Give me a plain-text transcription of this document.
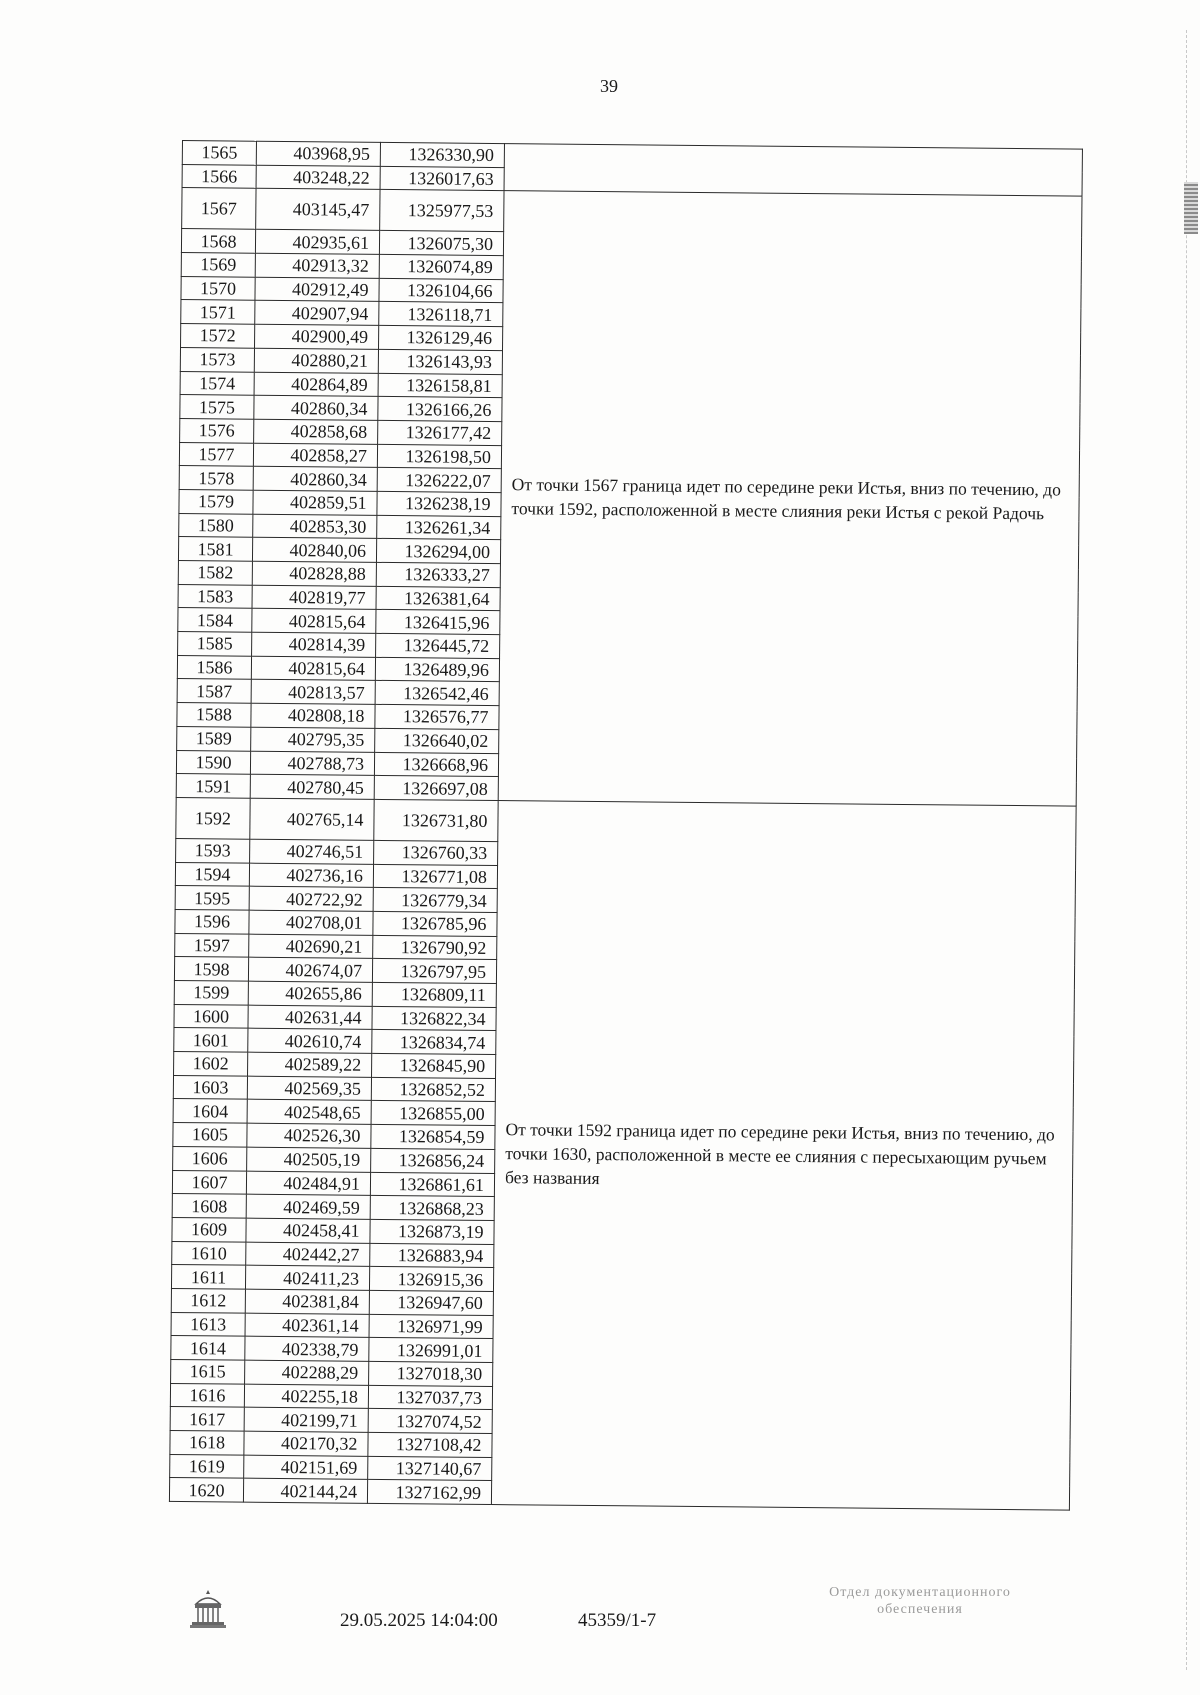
39
1565	403968,95	1326330,90	
1566	403248,22	1326017,63	
1567	403145,47	1325977,53	От точки 1567 граница идет по середине реки Истья, вниз по течению, до точки 1592, расположенной в месте слияния реки Истья с рекой Радочь
1568	402935,61	1326075,30	
1569	402913,32	1326074,89	
1570	402912,49	1326104,66	
1571	402907,94	1326118,71	
1572	402900,49	1326129,46	
1573	402880,21	1326143,93	
1574	402864,89	1326158,81	
1575	402860,34	1326166,26	
1576	402858,68	1326177,42	
1577	402858,27	1326198,50	
1578	402860,34	1326222,07	
1579	402859,51	1326238,19	
1580	402853,30	1326261,34	
1581	402840,06	1326294,00	
1582	402828,88	1326333,27	
1583	402819,77	1326381,64	
1584	402815,64	1326415,96	
1585	402814,39	1326445,72	
1586	402815,64	1326489,96	
1587	402813,57	1326542,46	
1588	402808,18	1326576,77	
1589	402795,35	1326640,02	
1590	402788,73	1326668,96	
1591	402780,45	1326697,08	
1592	402765,14	1326731,80	От точки 1592 граница идет по середине реки Истья, вниз по течению, до точки 1630, расположенной в месте ее слияния с пересыхающим ручьем без названия
1593	402746,51	1326760,33	
1594	402736,16	1326771,08	
1595	402722,92	1326779,34	
1596	402708,01	1326785,96	
1597	402690,21	1326790,92	
1598	402674,07	1326797,95	
1599	402655,86	1326809,11	
1600	402631,44	1326822,34	
1601	402610,74	1326834,74	
1602	402589,22	1326845,90	
1603	402569,35	1326852,52	
1604	402548,65	1326855,00	
1605	402526,30	1326854,59	
1606	402505,19	1326856,24	
1607	402484,91	1326861,61	
1608	402469,59	1326868,23	
1609	402458,41	1326873,19	
1610	402442,27	1326883,94	
1611	402411,23	1326915,36	
1612	402381,84	1326947,60	
1613	402361,14	1326971,99	
1614	402338,79	1326991,01	
1615	402288,29	1327018,30	
1616	402255,18	1327037,73	
1617	402199,71	1327074,52	
1618	402170,32	1327108,42	
1619	402151,69	1327140,67	
1620	402144,24	1327162,99	
29.05.2025 14:04:00	45359/1-7
Отдел документационного
обеспечения
